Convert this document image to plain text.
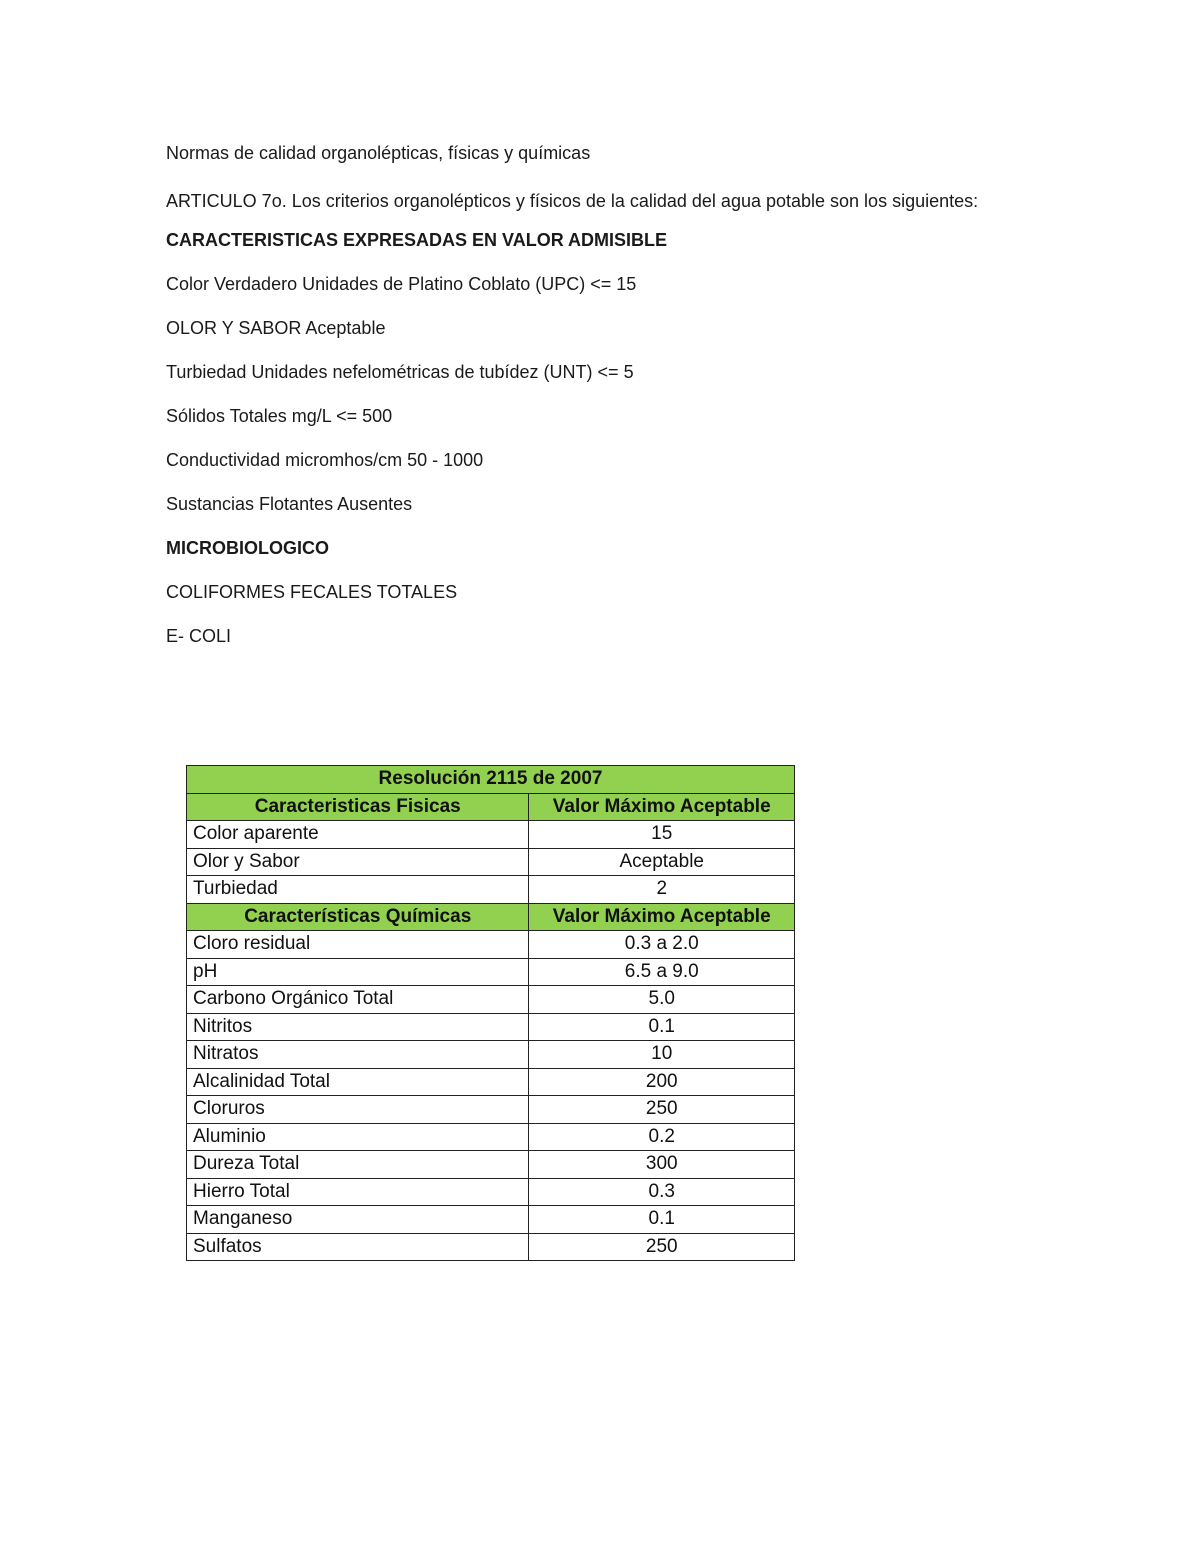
Normas de calidad organolépticas, físicas y químicas

ARTICULO 7o. Los criterios organolépticos y físicos de la calidad del agua potable son los siguientes:

CARACTERISTICAS EXPRESADAS EN VALOR ADMISIBLE

Color Verdadero Unidades de Platino Coblato (UPC) <= 15

OLOR Y SABOR Aceptable

Turbiedad Unidades nefelométricas de tubídez (UNT) <= 5

Sólidos Totales mg/L <= 500

Conductividad micromhos/cm 50 - 1000

Sustancias Flotantes Ausentes

MICROBIOLOGICO

COLIFORMES FECALES TOTALES

E- COLI

Resolución 2115 de 2007	
Caracteristicas Fisicas	Valor Máximo Aceptable
Color aparente	15
Olor y Sabor	Aceptable
Turbiedad	2
Características Químicas	Valor Máximo Aceptable
Cloro residual	0.3 a 2.0
pH	6.5 a 9.0
Carbono Orgánico Total	5.0
Nitritos	0.1
Nitratos	10
Alcalinidad Total	200
Cloruros	250
Aluminio	0.2
Dureza Total	300
Hierro Total	0.3
Manganeso	0.1
Sulfatos	250
